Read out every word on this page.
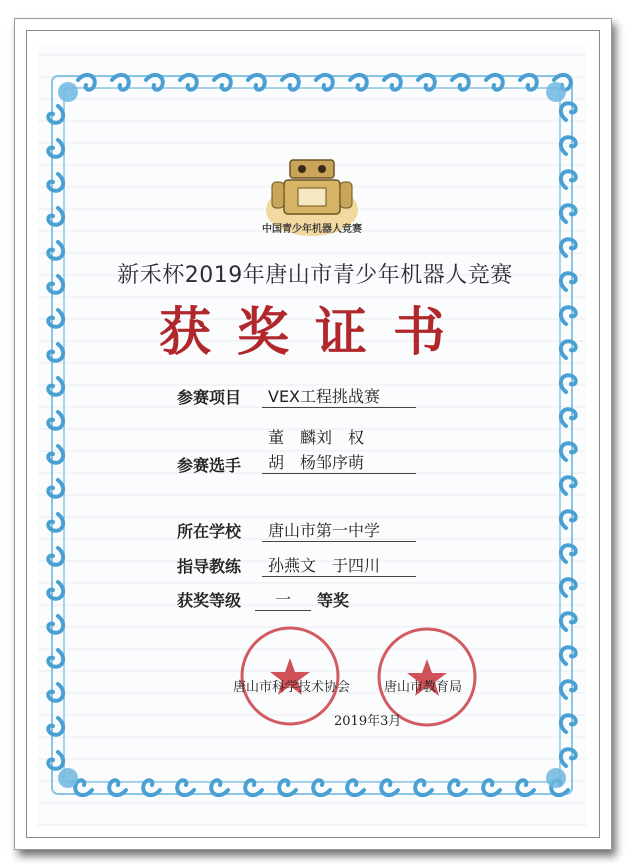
中国青少年机器人竞赛
新禾杯2019年唐山市青少年机器人竞赛
获奖证书
参赛项目	VEX工程挑战赛
董　麟刘　权
参赛选手	胡　杨邹序萌
所在学校	唐山市第一中学
指导教练	孙燕文　于四川
获奖等级	一	等奖
唐山市科学技术协会	唐山市教育局
2019年3月
